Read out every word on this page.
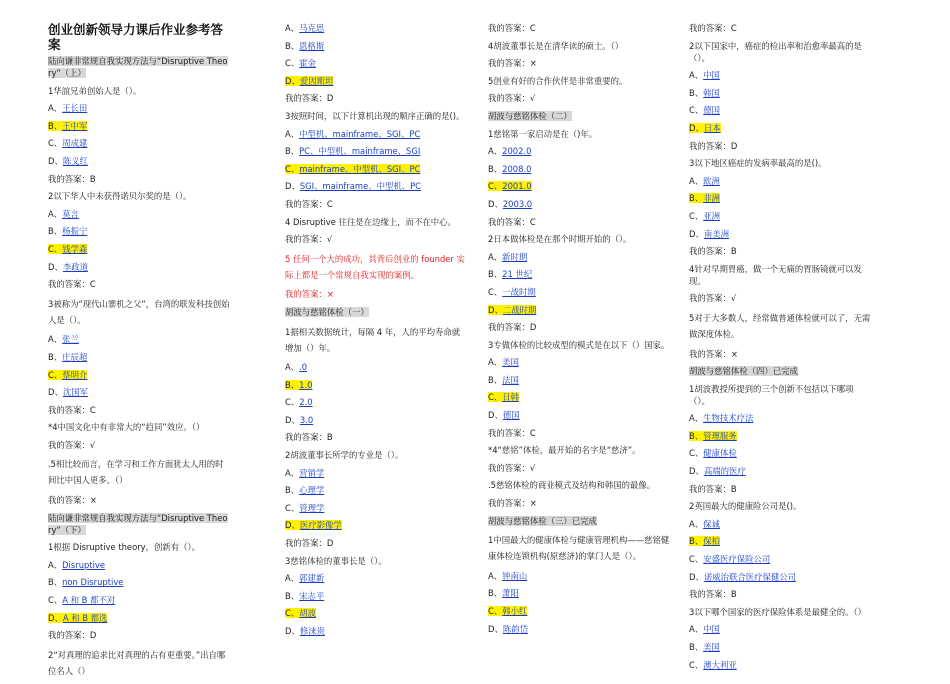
创业创新领导力课后作业参考答案
陆向谦非常规自我实现方法与“Disruptive Theory”（上）
1华誼兄弟创始人是（）。
A、王长田
B、王中军
C、周成建
D、陈义红
我的答案：B
2以下华人中未获得诺贝尔奖的是（）。
A、莫言
B、杨振宁
C、钱学森
D、李政道
我的答案：C
3被称为“现代山寨机之父”，台湾的联发科技创始人是（）。
A、张兰
B、庄辰超
C、蔡明介
D、沈国军
我的答案：C
*4中国文化中有非常大的“趋同”效应。（）
我的答案：√
.5相比较而言，在学习和工作方面犹太人用的时间比中国人更多。（）
我的答案：×
陆向谦非常规自我实现方法与“Disruptive Theory”（下）
1根据 Disruptive theory，创新有（）。
A、Disruptive
B、non Disruptive
C、A 和 B 都不对
D、A 和 B 都选
我的答案：D
2“对真理的追求比对真理的占有更重要。”出自哪位名人（）
A、马克思
B、恩格斯
C、霍金
D、爱因斯坦
我的答案：D
3按照时间，以下计算机出现的顺序正确的是()。
A、中型机、mainframe、SGI、PC
B、PC、中型机、mainframe、SGI
C、mainframe、中型机、SGI、PC
D、SGI、mainframe、中型机、PC
我的答案：C
4 Disruptive 往往是在边缘上，而不在中心。
我的答案：√
5 任何一个大的成功，其背后创业的 founder 实际上都是一个常规自我实现的案例。
我的答案：×
胡波与慈铭体检（一）
1据相关数据统计，每隔 4 年，人的平均寿命就增加（）年。
A、.0
B、1.0
C、2.0
D、3.0
我的答案：B
2胡波董事长所学的专业是（）。
A、营销学
B、心理学
C、管理学
D、医疗影像学
我的答案：D
3慈铭体检的董事长是（）。
A、郭建新
B、宋志平
C、胡波
D、修涞贵
我的答案：C
4胡波董事长是在清华读的硕士。（）
我的答案：×
5创业有好的合作伙伴是非常重要的。
我的答案：√
胡波与慈铭体检（二）
1慈铭第一家启动是在（)年。
A、2002.0
B、2008.0
C、2001.0
D、2003.0
我的答案：C
2日本做体检是在那个时期开始的（）。
A、新时期
B、21 世纪
C、一战时期
D、二战时期
我的答案：D
3专做体检的比较成型的模式是在以下（）国家。
A、美国
B、法国
C、日韩
D、德国
我的答案：C
*4“慈铭”体检，最开始的名字是“慈济”。
我的答案：√
.5慈铭体检的商业模式及结构和韩国的最像。
我的答案：×
胡波与慈铭体检（三）已完成
1中国最大的健康体检与健康管理机构——慈铭健康体检连锁机构(原慈济)的掌门人是（）。
A、钟南山
B、萧阳
C、韩小红
D、陈韵岱
我的答案：C
2以下国家中，癌症的检出率和治愈率最高的是（）。
A、中国
B、韩国
C、德国
D、日本
我的答案：D
3以下地区癌症的发病率最高的是()。
A、欧洲
B、非洲
C、亚洲
D、南美洲
我的答案：B
4针对早期胃癌，做一个无痛的胃肠镜就可以发现。
我的答案：√
5对于大多数人，经常做普通体检就可以了，无需做深度体检。
我的答案：×
胡波与慈铭体检（四）已完成
1胡波教授所提到的三个创新不包括以下哪项（）。
A、生物技术疗法
B、管理服务
C、健康体检
D、高端的医疗
我的答案：B
2英国最大的健康险公司是()。
A、保诚
B、保柏
C、安盛医疗保险公司
D、诺威治联合医疗保健公司
我的答案：B
3以下哪个国家的医疗保险体系是最健全的。（）
A、中国
B、美国
C、澳大利亚
